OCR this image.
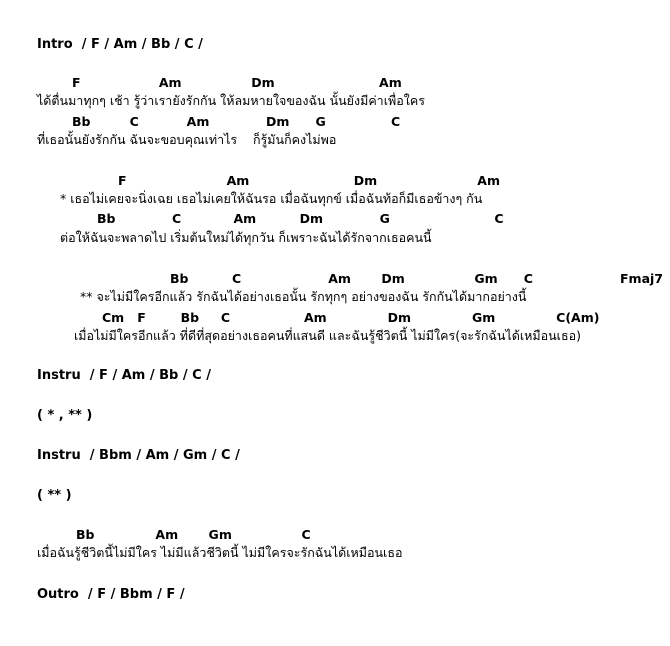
Intro  / F / Am / Bb / C /
F                  Am                Dm                        Am
ได้ตื่นมาทุกๆ เช้า รู้ว่าเรายังรักกัน ให้ลมหายใจของฉัน นั้นยังมีค่าเพื่อใคร
Bb         C           Am             Dm      G               C
ที่เธอนั้นยังรักกัน ฉันจะขอบคุณเท่าไร    ก็รู้มันก็คงไม่พอ
F                       Am                        Dm                       Am
* เธอไม่เคยจะนิ่งเฉย เธอไม่เคยให้ฉันรอ เมื่อฉันทุกข์ เมื่อฉันท้อก็มีเธอข้างๆ กัน
Bb             C            Am          Dm             G                        C
ต่อให้ฉันจะพลาดไป เริ่มต้นใหม่ได้ทุกวัน ก็เพราะฉันได้รักจากเธอคนนี้
Bb          C                    Am       Dm                Gm      C                    Fmaj7
** จะไม่มีใครอีกแล้ว รักฉันได้อย่างเธอนั้น รักทุกๆ อย่างของฉัน รักกันได้มากอย่างนี้
Cm   F        Bb     C                 Am              Dm              Gm              C(Am)
เมื่อไม่มีใครอีกแล้ว ที่ดีที่สุดอย่างเธอคนที่แสนดี และฉันรู้ชีวิตนี้ ไม่มีใคร(จะรักฉันได้เหมือนเธอ)
Instru  / F / Am / Bb / C /
( * , ** )
Instru  / Bbm / Am / Gm / C /
( ** )
Bb              Am       Gm                C
เมื่อฉันรู้ชีวิตนี้ไม่มีใคร ไม่มีแล้วชีวิตนี้ ไม่มีใครจะรักฉันได้เหมือนเธอ
Outro  / F / Bbm / F /
